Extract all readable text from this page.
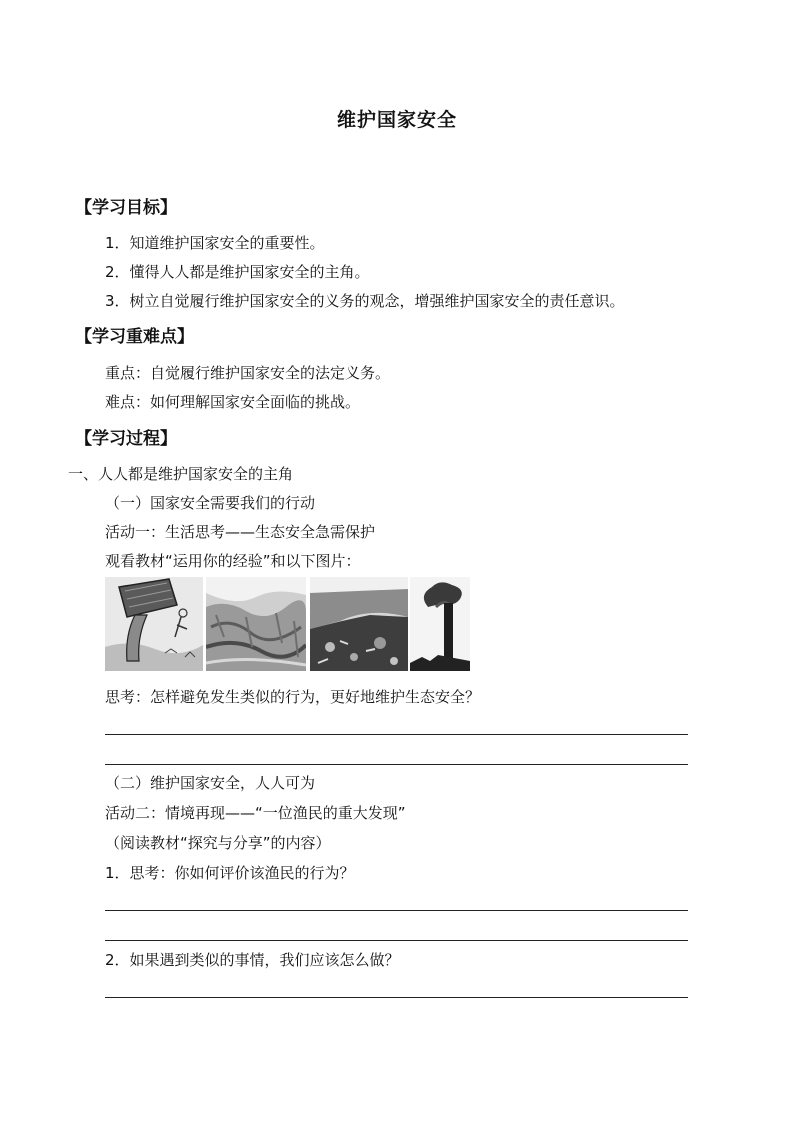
维护国家安全
【学习目标】
1．知道维护国家安全的重要性。
2．懂得人人都是维护国家安全的主角。
3．树立自觉履行维护国家安全的义务的观念，增强维护国家安全的责任意识。
【学习重难点】
重点：自觉履行维护国家安全的法定义务。
难点：如何理解国家安全面临的挑战。
【学习过程】
一、人人都是维护国家安全的主角
（一）国家安全需要我们的行动
活动一：生活思考——生态安全急需保护
观看教材“运用你的经验”和以下图片：
思考：怎样避免发生类似的行为，更好地维护生态安全？
（二）维护国家安全，人人可为
活动二：情境再现——“一位渔民的重大发现”
（阅读教材“探究与分享”的内容）
1．思考：你如何评价该渔民的行为？
2．如果遇到类似的事情，我们应该怎么做？
